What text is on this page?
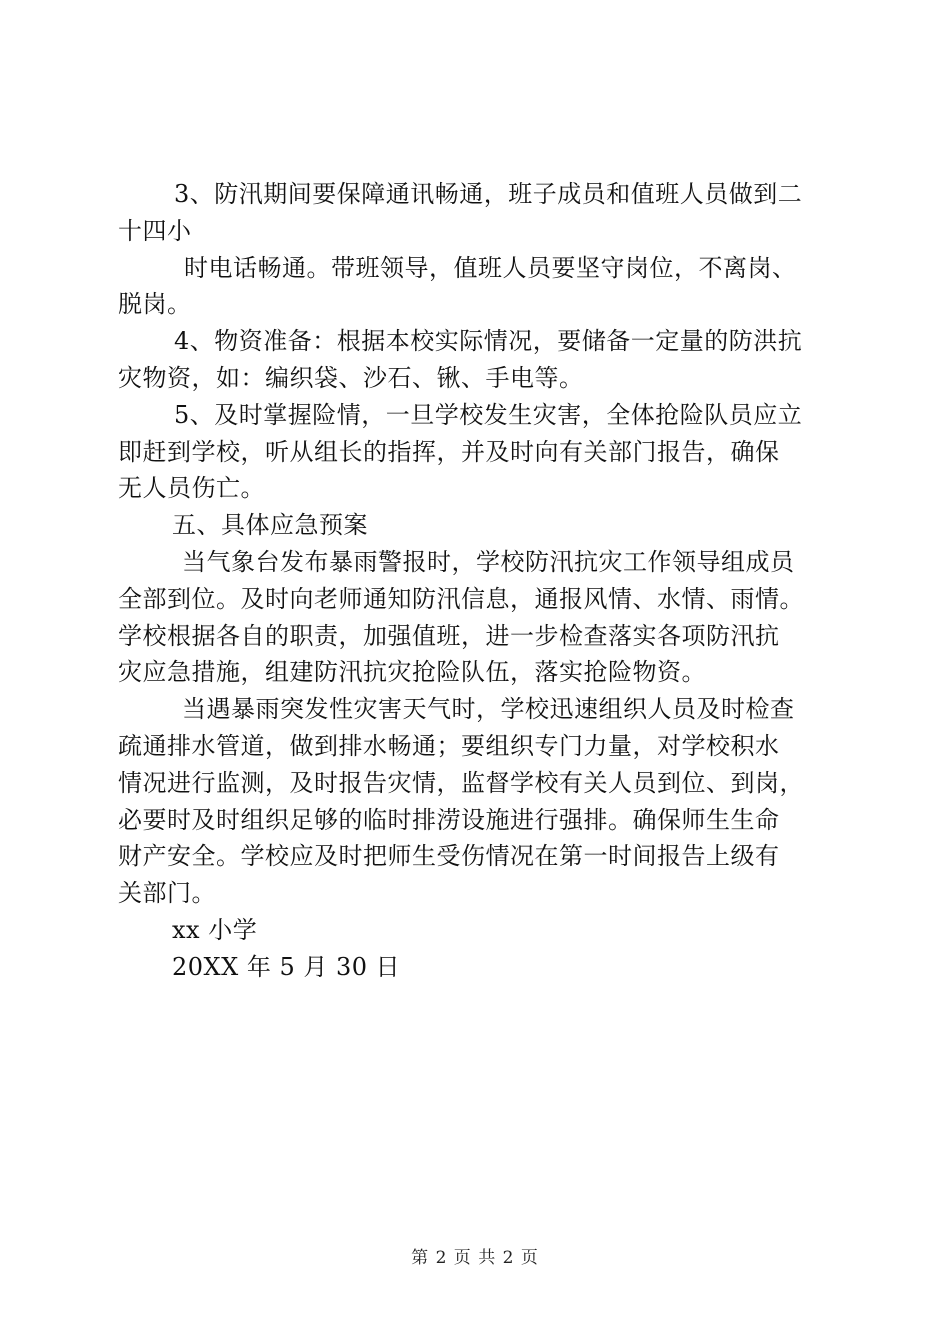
3、防汛期间要保障通讯畅通，班子成员和值班人员做到二
十四小
时电话畅通。带班领导，值班人员要坚守岗位，不离岗、
脱岗。
4、物资准备：根据本校实际情况，要储备一定量的防洪抗
灾物资，如：编织袋、沙石、锹、手电等。
5、及时掌握险情，一旦学校发生灾害，全体抢险队员应立
即赶到学校，听从组长的指挥，并及时向有关部门报告，确保
无人员伤亡。
五、具体应急预案
当气象台发布暴雨警报时，学校防汛抗灾工作领导组成员
全部到位。及时向老师通知防汛信息，通报风情、水情、雨情。
学校根据各自的职责，加强值班，进一步检查落实各项防汛抗
灾应急措施，组建防汛抗灾抢险队伍，落实抢险物资。
当遇暴雨突发性灾害天气时，学校迅速组织人员及时检查
疏通排水管道，做到排水畅通；要组织专门力量，对学校积水
情况进行监测，及时报告灾情，监督学校有关人员到位、到岗，
必要时及时组织足够的临时排涝设施进行强排。确保师生生命
财产安全。学校应及时把师生受伤情况在第一时间报告上级有
关部门。
xx 小学
20XX 年 5 月 30 日
第 2 页 共 2 页
